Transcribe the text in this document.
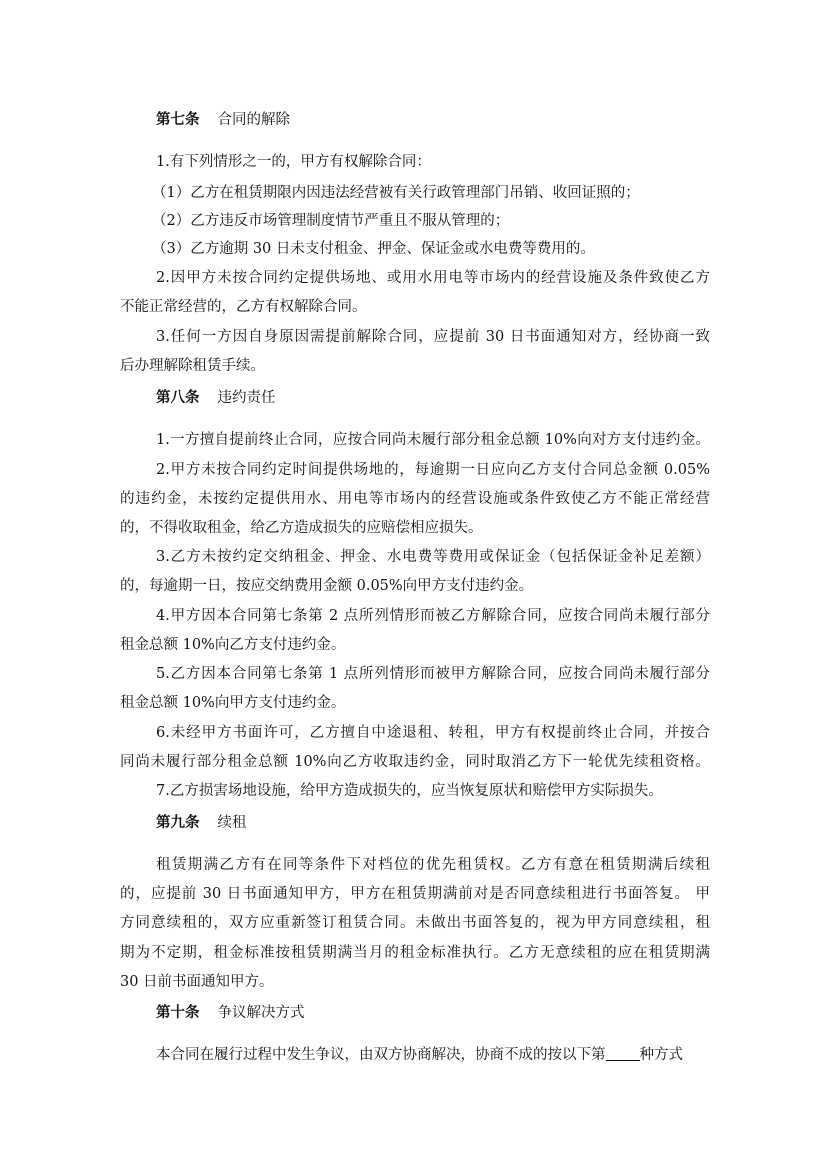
第七条 合同的解除

1.有下列情形之一的，甲方有权解除合同：

（1）乙方在租赁期限内因违法经营被有关行政管理部门吊销、收回证照的；

（2）乙方违反市场管理制度情节严重且不服从管理的；

（3）乙方逾期 30 日未支付租金、押金、保证金或水电费等费用的。

2.因甲方未按合同约定提供场地、或用水用电等市场内的经营设施及条件致使乙方

不能正常经营的，乙方有权解除合同。

3.任何一方因自身原因需提前解除合同，应提前 30 日书面通知对方，经协商一致

后办理解除租赁手续。

第八条 违约责任

1.一方擅自提前终止合同，应按合同尚未履行部分租金总额 10%向对方支付违约金。

2.甲方未按合同约定时间提供场地的，每逾期一日应向乙方支付合同总金额 0.05%

的违约金，未按约定提供用水、用电等市场内的经营设施或条件致使乙方不能正常经营

的，不得收取租金，给乙方造成损失的应赔偿相应损失。

3.乙方未按约定交纳租金、押金、水电费等费用或保证金（包括保证金补足差额）

的，每逾期一日，按应交纳费用金额 0.05%向甲方支付违约金。

4.甲方因本合同第七条第 2 点所列情形而被乙方解除合同，应按合同尚未履行部分

租金总额 10%向乙方支付违约金。

5.乙方因本合同第七条第 1 点所列情形而被甲方解除合同，应按合同尚未履行部分

租金总额 10%向甲方支付违约金。

6.未经甲方书面许可，乙方擅自中途退租、转租，甲方有权提前终止合同，并按合

同尚未履行部分租金总额 10%向乙方收取违约金，同时取消乙方下一轮优先续租资格。

7.乙方损害场地设施，给甲方造成损失的，应当恢复原状和赔偿甲方实际损失。

第九条 续租

租赁期满乙方有在同等条件下对档位的优先租赁权。乙方有意在租赁期满后续租

的，应提前 30 日书面通知甲方，甲方在租赁期满前对是否同意续租进行书面答复。 甲

方同意续租的，双方应重新签订租赁合同。未做出书面答复的，视为甲方同意续租，租

期为不定期，租金标准按租赁期满当月的租金标准执行。乙方无意续租的应在租赁期满

30 日前书面通知甲方。

第十条 争议解决方式

本合同在履行过程中发生争议，由双方协商解决，协商不成的按以下第 种方式
